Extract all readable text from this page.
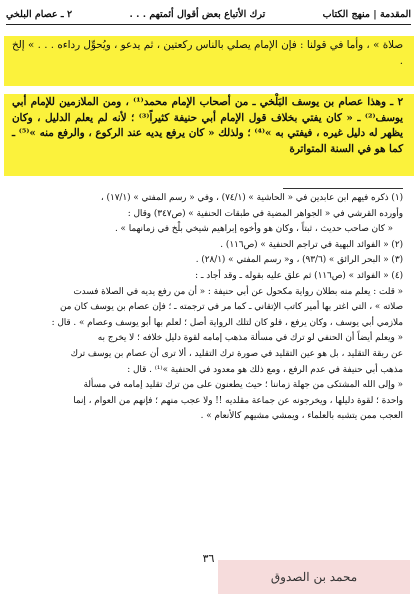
المقدمة | منهج الكتاب
ترك الأتباع بعض أقوال أئمتهم . . .
٢ ـ عصام البلخي
صلاة » ، وأما في قولنا : فإن الإمام يصلي بالناس ركعتين ، ثم يدعو ، ويُحوِّل رداءه . . . » إلخ .
٢ ـ وهذا عصام بن يوسف البَلْخي ـ من أصحاب الإمام محمد⁽¹⁾ ، ومن الملازمين للإمام أبي يوسف⁽²⁾ ـ « كان يفتي بخلاف قول الإمام أبي حنيفة كثيراً⁽³⁾ ؛ لأنه لم يعلم الدليل ، وكان يظهر له دليل غيره ، فيفتي به »⁽⁴⁾ ؛ ولذلك « كان يرفع يديه عند الركوع ، والرفع منه »⁽⁵⁾ ـ كما هو في السنة المتواترة

(١) ذكره فيهم ابن عابدين في « الحاشية » (٧٤/١) ، وفي « رسم المفتي » (١٧/١) ،

وأورده القرشي في « الجواهر المضية في طبقات الحنفية » (ص٣٤٧) وقال :

« كان صاحب حديث ، ثبتاً ، وكان هو وأخوه إبراهيم شيخي بلْخ في زمانهما » .

(٢) « الفوائد البهية في تراجم الحنفية » (ص١١٦) .

(٣) « البحر الرائق » (٩٣/٦) ، و« رسم المفتي » (٢٨/١) .

(٤) « الفوائد » (ص١١٦) ثم علق عليه بقوله ـ وقد أجاد ـ :

« قلت : يعلم منه بطلان رواية مكحول عن أبي حنيفة : « أن من رفع يديه في الصلاة فسدت

صلاته » ، التي اغتر بها أمير كاتب الإتقاني ـ كما مر في ترجمته ـ ؛ فإن عصام بن يوسف كان من

ملازمي أبي يوسف ، وكان يرفع ، فلو كان لتلك الرواية أصل ؛ لعلم بها أبو يوسف وعصام » . قال :

« ويعلم أيضاً أن الحنفي لو ترك في مسألة مذهب إمامه لقوة دليل خلافه ؛ لا يخرج به

عن ربقة التقليد ، بل هو عين التقليد في صورة ترك التقليد ، ألا ترى أن عصام بن يوسف ترك

مذهب أبي حنيفة في عدم الرفع ، ومع ذلك هو معدود في الحنفية »⁽¹⁾ . قال :

« وإلى الله المشتكى من جهلة زماننا ؛ حيث يطعنون على من ترك تقليد إمامه في مسألة

واحدة ؛ لقوة دليلها ، ويخرجونه عن جماعة مقلديه !! ولا عجب منهم ؛ فإنهم من العوام ، إنما

العجب ممن يتشبه بالعلماء ، ويمشي مشيهم كالأنعام » .

٣٦
محمد بن الصدوق
